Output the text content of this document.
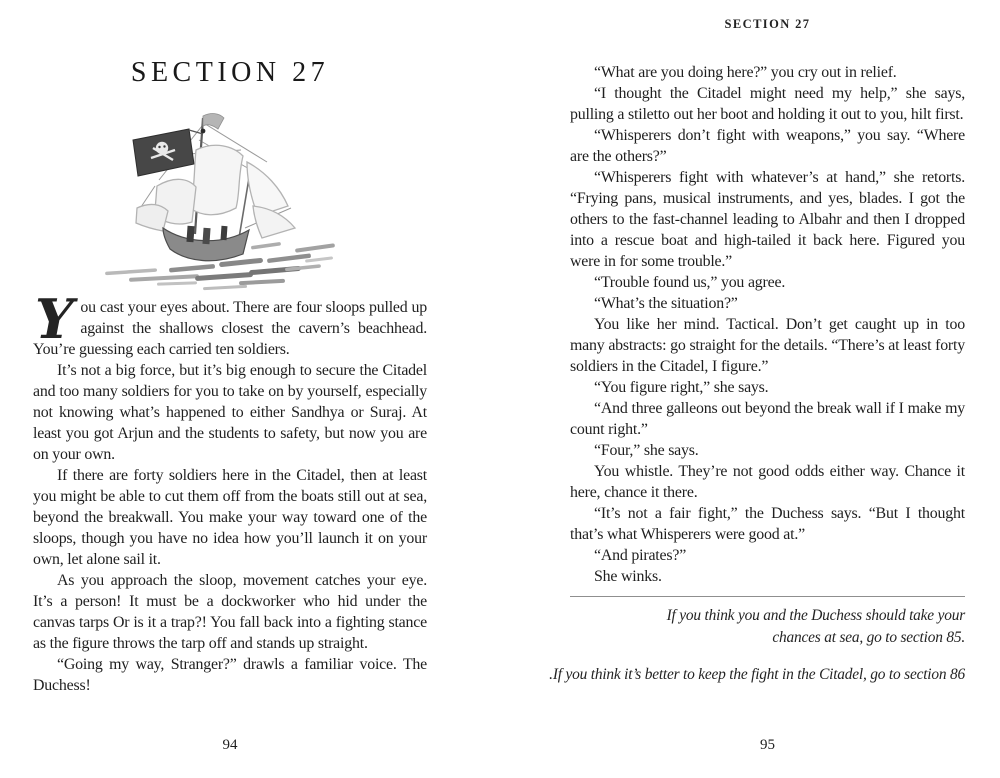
SECTION 27

You cast your eyes about. There are four sloops pulled up against the shallows closest the cavern’s beachhead. You’re guessing each carried ten soldiers.

It’s not a big force, but it’s big enough to secure the Citadel and too many soldiers for you to take on by yourself, especially not knowing what’s happened to either Sandhya or Suraj. At least you got Arjun and the students to safety, but now you are on your own.

If there are forty soldiers here in the Citadel, then at least you might be able to cut them off from the boats still out at sea, beyond the breakwall. You make your way toward one of the sloops, though you have no idea how you’ll launch it on your own, let alone sail it.

As you approach the sloop, movement catches your eye. It’s a person! It must be a dockworker who hid under the canvas tarps Or is it a trap?! You fall back into a fighting stance as the figure throws the tarp off and stands up straight.

“Going my way, Stranger?” drawls a familiar voice. The Duchess!

94
SECTION 27

“What are you doing here?” you cry out in relief.

“I thought the Citadel might need my help,” she says, pulling a stiletto out her boot and holding it out to you, hilt first.

“Whisperers don’t fight with weapons,” you say. “Where are the others?”

“Whisperers fight with whatever’s at hand,” she retorts. “Frying pans, musical instruments, and yes, blades. I got the others to the fast-channel leading to Albahr and then I dropped into a rescue boat and high-tailed it back here. Figured you were in for some trouble.”

“Trouble found us,” you agree.

“What’s the situation?”

You like her mind. Tactical. Don’t get caught up in too many abstracts: go straight for the details. “There’s at least forty soldiers in the Citadel, I figure.”

“You figure right,” she says.

“And three galleons out beyond the break wall if I make my count right.”

“Four,” she says.

You whistle. They’re not good odds either way. Chance it here, chance it there.

“It’s not a fair fight,” the Duchess says. “But I thought that’s what Whisperers were good at.”

“And pirates?”

She winks.

If you think you and the Duchess should take your chances at sea, go to section 85.
If you think it’s better to keep the fight in the Citadel, go to section 86.
95
